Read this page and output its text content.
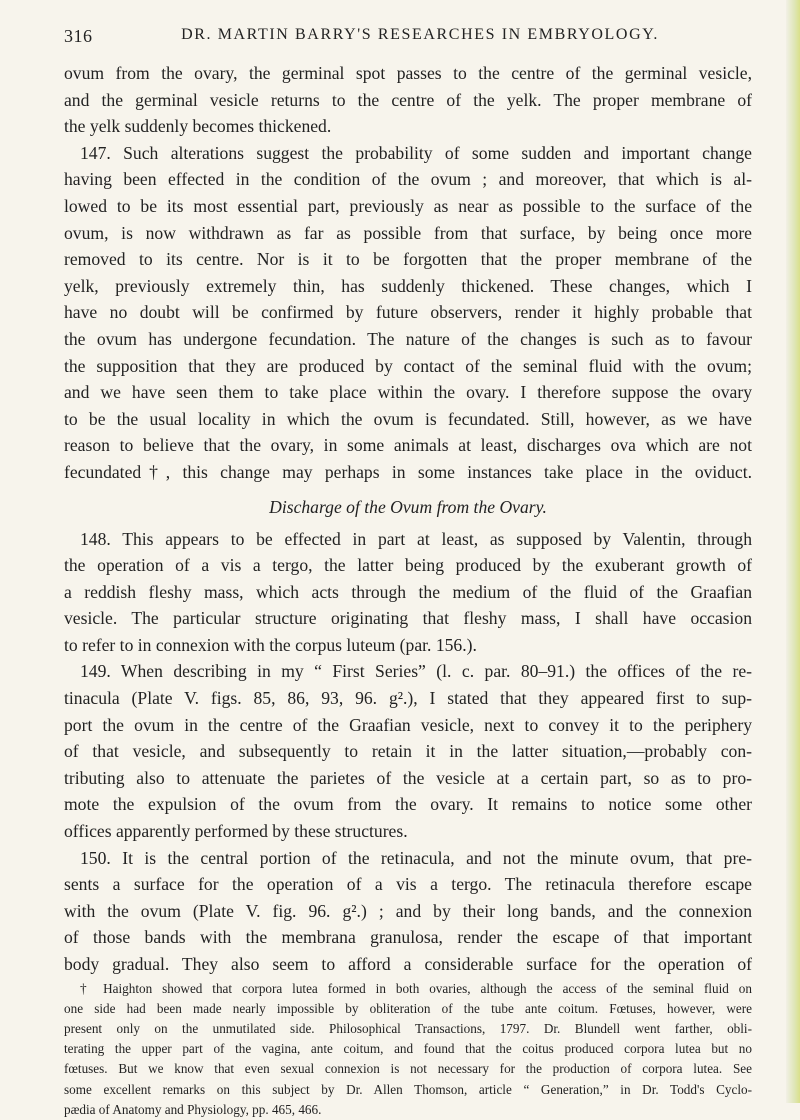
316	DR. MARTIN BARRY'S RESEARCHES IN EMBRYOLOGY.
ovum from the ovary, the germinal spot passes to the centre of the germinal vesicle,
and the germinal vesicle returns to the centre of the yelk. The proper membrane of
the yelk suddenly becomes thickened.
147. Such alterations suggest the probability of some sudden and important change
having been effected in the condition of the ovum ; and moreover, that which is al-
lowed to be its most essential part, previously as near as possible to the surface of the
ovum, is now withdrawn as far as possible from that surface, by being once more
removed to its centre. Nor is it to be forgotten that the proper membrane of the
yelk, previously extremely thin, has suddenly thickened. These changes, which I
have no doubt will be confirmed by future observers, render it highly probable that
the ovum has undergone fecundation. The nature of the changes is such as to favour
the supposition that they are produced by contact of the seminal fluid with the ovum;
and we have seen them to take place within the ovary. I therefore suppose the ovary
to be the usual locality in which the ovum is fecundated. Still, however, as we have
reason to believe that the ovary, in some animals at least, discharges ova which are not
fecundated†, this change may perhaps in some instances take place in the oviduct.
Discharge of the Ovum from the Ovary.
148. This appears to be effected in part at least, as supposed by Valentin, through
the operation of a vis a tergo, the latter being produced by the exuberant growth of
a reddish fleshy mass, which acts through the medium of the fluid of the Graafian
vesicle. The particular structure originating that fleshy mass, I shall have occasion
to refer to in connexion with the corpus luteum (par. 156.).
149. When describing in my “ First Series” (l. c. par. 80–91.) the offices of the re-
tinacula (Plate V. figs. 85, 86, 93, 96. g².), I stated that they appeared first to sup-
port the ovum in the centre of the Graafian vesicle, next to convey it to the periphery
of that vesicle, and subsequently to retain it in the latter situation,—probably con-
tributing also to attenuate the parietes of the vesicle at a certain part, so as to pro-
mote the expulsion of the ovum from the ovary. It remains to notice some other
offices apparently performed by these structures.
150. It is the central portion of the retinacula, and not the minute ovum, that pre-
sents a surface for the operation of a vis a tergo. The retinacula therefore escape
with the ovum (Plate V. fig. 96. g².) ; and by their long bands, and the connexion
of those bands with the membrana granulosa, render the escape of that important
body gradual. They also seem to afford a considerable surface for the operation of
† Haighton showed that corpora lutea formed in both ovaries, although the access of the seminal fluid on
one side had been made nearly impossible by obliteration of the tube ante coitum. Fœtuses, however, were
present only on the unmutilated side. Philosophical Transactions, 1797. Dr. Blundell went farther, obli-
terating the upper part of the vagina, ante coitum, and found that the coitus produced corpora lutea but no
fœtuses. But we know that even sexual connexion is not necessary for the production of corpora lutea. See
some excellent remarks on this subject by Dr. Allen Thomson, article “ Generation,” in Dr. Todd's Cyclo-
pædia of Anatomy and Physiology, pp. 465, 466.
